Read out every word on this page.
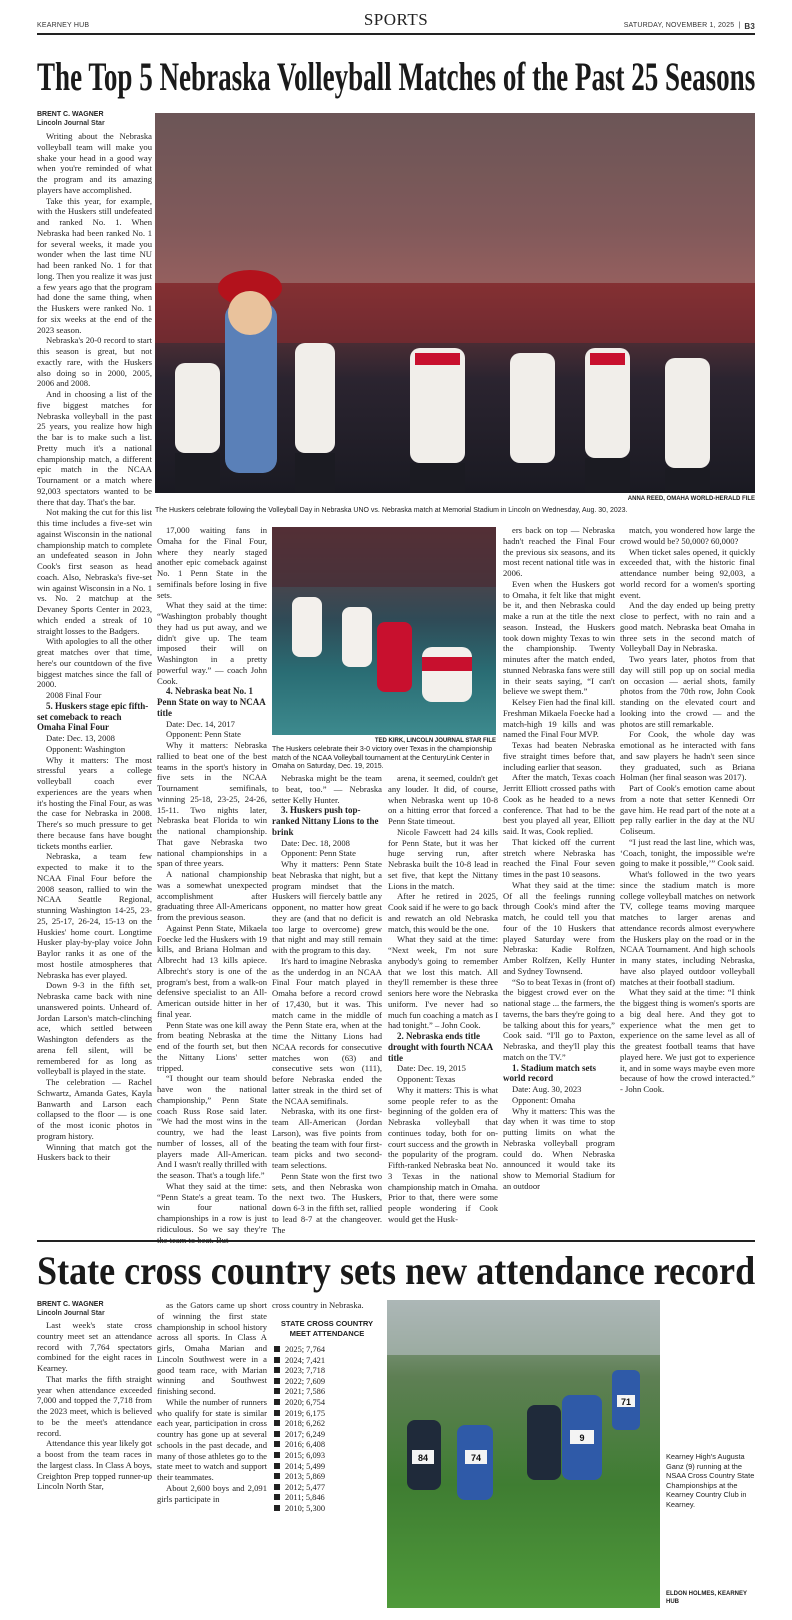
KEARNEY HUB	SPORTS	SATURDAY, NOVEMBER 1, 2025 | B3
The Top 5 Nebraska Volleyball Matches of the Past 25 Seasons
BRENT C. WAGNER
Lincoln Journal Star
ANNA REED, OMAHA WORLD-HERALD FILE
The Huskers celebrate following the Volleyball Day in Nebraska UNO vs. Nebraska match at Memorial Stadium in Lincoln on Wednesday, Aug. 30, 2023.
TED KIRK, LINCOLN JOURNAL STAR FILE
The Huskers celebrate their 3-0 victory over Texas in the championship match of the NCAA Volleyball tournament at the CenturyLink Center in Omaha on Saturday, Dec. 19, 2015.

Writing about the Nebraska volleyball team will make you shake your head in a good way when you're reminded of what the program and its amazing players have accomplished.

Take this year, for example, with the Huskers still undefeated and ranked No. 1. When Nebraska had been ranked No. 1 for several weeks, it made you wonder when the last time NU had been ranked No. 1 for that long. Then you realize it was just a few years ago that the program had done the same thing, when the Huskers were ranked No. 1 for six weeks at the end of the 2023 season.

Nebraska's 20-0 record to start this season is great, but not exactly rare, with the Huskers also doing so in 2000, 2005, 2006 and 2008.

And in choosing a list of the five biggest matches for Nebraska volleyball in the past 25 years, you realize how high the bar is to make such a list. Pretty much it's a national championship match, a different epic match in the NCAA Tournament or a match where 92,003 spectators wanted to be there that day. That's the bar.

Not making the cut for this list this time includes a five-set win against Wisconsin in the national championship match to complete an undefeated season in John Cook's first season as head coach. Also, Nebraska's five-set win against Wisconsin in a No. 1 vs. No. 2 matchup at the Devaney Sports Center in 2023, which ended a streak of 10 straight losses to the Badgers.

With apologies to all the other great matches over that time, here's our countdown of the five biggest matches since the fall of 2000.

2008 Final Four

5. Huskers stage epic fifth-set comeback to reach Omaha Final Four

Date: Dec. 13, 2008

Opponent: Washington

Why it matters: The most stressful years a college volleyball coach ever experiences are the years when it's hosting the Final Four, as was the case for Nebraska in 2008. There's so much pressure to get there because fans have bought tickets months earlier.

Nebraska, a team few expected to make it to the NCAA Final Four before the 2008 season, rallied to win the NCAA Seattle Regional, stunning Washington 14-25, 23-25, 25-17, 26-24, 15-13 on the Huskies' home court. Longtime Husker play-by-play voice John Baylor ranks it as one of the most hostile atmospheres that Nebraska has ever played.

Down 9-3 in the fifth set, Nebraska came back with nine unanswered points. Unheard of. Jordan Larson's match-clinching ace, which settled between Washington defenders as the arena fell silent, will be remembered for as long as volleyball is played in the state.

The celebration — Rachel Schwartz, Amanda Gates, Kayla Banwarth and Larson each collapsed to the floor — is one of the most iconic photos in program history.

Winning that match got the Huskers back to their

17,000 waiting fans in Omaha for the Final Four, where they nearly staged another epic comeback against No. 1 Penn State in the semifinals before losing in five sets.

What they said at the time: “Washington probably thought they had us put away, and we didn't give up. The team imposed their will on Washington in a pretty powerful way.” — coach John Cook.

4. Nebraska beat No. 1 Penn State on way to NCAA title

Date: Dec. 14, 2017

Opponent: Penn State

Why it matters: Nebraska rallied to beat one of the best teams in the sport's history in five sets in the NCAA Tournament semifinals, winning 25-18, 23-25, 24-26, 15-11. Two nights later, Nebraska beat Florida to win the national championship. That gave Nebraska two national championships in a span of three years.

A national championship was a somewhat unexpected accomplishment after graduating three All-Americans from the previous season.

Against Penn State, Mikaela Foecke led the Huskers with 19 kills, and Briana Holman and Albrecht had 13 kills apiece. Albrecht's story is one of the program's best, from a walk-on defensive specialist to an All-American outside hitter in her final year.

Penn State was one kill away from beating Nebraska at the end of the fourth set, but then the Nittany Lions' setter tripped.

“I thought our team should have won the national championship,” Penn State coach Russ Rose said later. “We had the most wins in the country, we had the least number of losses, all of the players made All-American. And I wasn't really thrilled with the season. That's a tough life.”

What they said at the time: “Penn State's a great team. To win four national championships in a row is just ridiculous. So we say they're

Nebraska might be the team to beat, too.” — Nebraska setter Kelly Hunter.

3. Huskers push top-ranked Nittany Lions to the brink

Date: Dec. 18, 2008

Opponent: Penn State

Why it matters: Penn State beat Nebraska that night, but a program mindset that the Huskers will fiercely battle any opponent, no matter how great they are (and that no deficit is too large to overcome) grew that night and may still remain with the program to this day.

It's hard to imagine Nebraska as the underdog in an NCAA Final Four match played in Omaha before a record crowd of 17,430, but it was. This match came in the middle of the Penn State era, when at the time the Nittany Lions had NCAA records for consecutive matches won (63) and consecutive sets won (111), before Nebraska ended the latter streak in the third set of the NCAA semifinals.

Nebraska, with its one first-team All-American (Jordan Larson), was five points from beating the team with four first-team picks and two second-team selections.

Penn State won the first two sets, and then Nebraska won the next two. The Huskers, down 6-3 in the fifth set, rallied to lead 8-7 at the changeover. The

arena, it seemed, couldn't get any louder. It did, of course, when Nebraska went up 10-8 on a hitting error that forced a Penn State timeout.

Nicole Fawcett had 24 kills for Penn State, but it was her huge serving run, after Nebraska built the 10-8 lead in set five, that kept the Nittany Lions in the match.

After he retired in 2025, Cook said if he were to go back and rewatch an old Nebraska match, this would be the one.

What they said at the time: “Next week, I'm not sure anybody's going to remember that we lost this match. All they'll remember is these three seniors here wore the Nebraska uniform. I've never had so much fun coaching a match as I had tonight.” – John Cook.

2. Nebraska ends title drought with fourth NCAA title

Date: Dec. 19, 2015

Opponent: Texas

Why it matters: This is what some people refer to as the beginning of the golden era of Nebraska volleyball that continues today, both for on-court success and the growth in the popularity of the program. Fifth-ranked Nebraska beat No. 3 Texas in the national championship match in Omaha. Prior to that, there were some people wondering if Cook would get the Husk-

ers back on top — Nebraska hadn't reached the Final Four the previous six seasons, and its most recent national title was in 2006.

Even when the Huskers got to Omaha, it felt like that might be it, and then Nebraska could make a run at the title the next season. Instead, the Huskers took down mighty Texas to win the championship. Twenty minutes after the match ended, stunned Nebraska fans were still in their seats saying, “I can't believe we swept them.”

Kelsey Fien had the final kill. Freshman Mikaela Foecke had a match-high 19 kills and was named the Final Four MVP.

Texas had beaten Nebraska five straight times before that, including earlier that season.

After the match, Texas coach Jerritt Elliott crossed paths with Cook as he headed to a news conference. That had to be the best you played all year, Elliott said. It was, Cook replied.

That kicked off the current stretch where Nebraska has reached the Final Four seven times in the past 10 seasons.

What they said at the time: Of all the feelings running through Cook's mind after the match, he could tell you that four of the 10 Huskers that played Saturday were from Nebraska: Kadie Rolfzen, Amber Rolfzen, Kelly Hunter and Sydney Townsend.

“So to beat Texas in (front of) the biggest crowd ever on the national stage ... the farmers, the taverns, the bars they're going to be talking about this for years,” Cook said. “I'll go to Paxton, Nebraska, and they'll play this match on the TV.”

1. Stadium match sets world record

Date: Aug. 30, 2023

Opponent: Omaha

Why it matters: This was the day when it was time to stop putting limits on what the Nebraska volleyball program could do. When Nebraska announced it would take its show to Memorial Stadium for an outdoor

match, you wondered how large the crowd would be? 50,000? 60,000?

When ticket sales opened, it quickly exceeded that, with the historic final attendance number being 92,003, a world record for a women's sporting event.

And the day ended up being pretty close to perfect, with no rain and a good match. Nebraska beat Omaha in three sets in the second match of Volleyball Day in Nebraska.

Two years later, photos from that day will still pop up on social media on occasion — aerial shots, family photos from the 70th row, John Cook standing on the elevated court and looking into the crowd — and the photos are still remarkable.

For Cook, the whole day was emotional as he interacted with fans and saw players he hadn't seen since they graduated, such as Briana Holman (her final season was 2017).

Part of Cook's emotion came about from a note that setter Kennedi Orr gave him. He read part of the note at a pep rally earlier in the day at the NU Coliseum.

“I just read the last line, which was, ‘Coach, tonight, the impossible we're going to make it possible,’” Cook said.

What's followed in the two years since the stadium match is more college volleyball matches on network TV, college teams moving marquee matches to larger arenas and attendance records almost everywhere the Huskers play on the road or in the NCAA Tournament. And high schools in many states, including Nebraska, have also played outdoor volleyball matches at their football stadium.

What they said at the time: “I think the biggest thing is women's sports are a big deal here. And they got to experience what the men get to experience on the same level as all of the greatest football teams that have played here. We just got to experience it, and in some ways maybe even more because of how the crowd interacted.” - John Cook.

State cross country sets new attendance record
BRENT C. WAGNER
Lincoln Journal Star

Last week's state cross country meet set an attendance record with 7,764 spectators combined for the eight races in Kearney.

That marks the fifth straight year when attendance exceeded 7,000 and topped the 7,718 from the 2023 meet, which is believed to be the meet's attendance record.

Attendance this year likely got a boost from the team races in the largest class. In Class A boys, Creighton Prep topped runner-up Lincoln North Star,

as the Gators came up short of winning the first state championship in school history across all sports. In Class A girls, Omaha Marian and Lincoln Southwest were in a good team race, with Marian winning and Southwest finishing second.

While the number of runners who qualify for state is similar each year, participation in cross country has gone up at several schools in the past decade, and many of those athletes go to the state meet to watch and support their teammates.

About 2,600 boys and 2,091 girls participate in

cross country in Nebraska.

STATE CROSS COUNTRY MEET ATTENDANCE
2025; 7,764
2024; 7,421
2023; 7,718
2022; 7,609
2021; 7,586
2020; 6,754
2019; 6,175
2018; 6,262
2017; 6,249
2016; 6,408
2015; 6,093
2014; 5,499
2013; 5,869
2012; 5,477
2011; 5,846
2010; 5,300
84	74
9
71
Kearney High's Augusta Ganz (9) running at the NSAA Cross Country State Championships at the Kearney Country Club in Kearney.
ELDON HOLMES, KEARNEY HUB
